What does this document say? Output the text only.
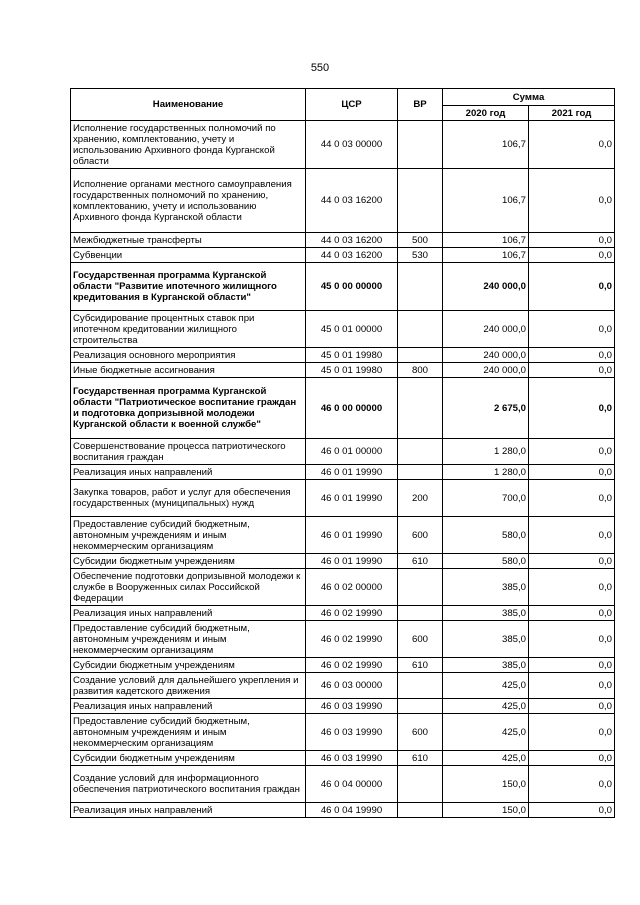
550
Наименование	ЦСР	ВР	Сумма	
			2020 год	2021 год
Исполнение государственных полномочий по хранению, комплектованию, учету и использованию Архивного фонда Курганской области	44 0 03 00000		106,7	0,0
Исполнение органами местного самоуправления государственных полномочий по хранению, комплектованию, учету и использованию Архивного фонда Курганской области	44 0 03 16200		106,7	0,0
Межбюджетные трансферты	44 0 03 16200	500	106,7	0,0
Субвенции	44 0 03 16200	530	106,7	0,0
Государственная программа Курганской области "Развитие ипотечного жилищного кредитования в Курганской области"	45 0 00 00000		240 000,0	0,0
Субсидирование процентных ставок при ипотечном кредитовании жилищного строительства	45 0 01 00000		240 000,0	0,0
Реализация основного мероприятия	45 0 01 19980		240 000,0	0,0
Иные бюджетные ассигнования	45 0 01 19980	800	240 000,0	0,0
Государственная программа Курганской области "Патриотическое воспитание граждан и подготовка допризывной молодежи Курганской области к военной службе"	46 0 00 00000		2 675,0	0,0
Совершенствование процесса патриотического воспитания граждан	46 0 01 00000		1 280,0	0,0
Реализация иных направлений	46 0 01 19990		1 280,0	0,0
Закупка товаров, работ и услуг для обеспечения государственных (муниципальных) нужд	46 0 01 19990	200	700,0	0,0
Предоставление субсидий бюджетным, автономным учреждениям и иным некоммерческим организациям	46 0 01 19990	600	580,0	0,0
Субсидии бюджетным учреждениям	46 0 01 19990	610	580,0	0,0
Обеспечение подготовки допризывной молодежи к службе в Вооруженных силах Российской Федерации	46 0 02 00000		385,0	0,0
Реализация иных направлений	46 0 02 19990		385,0	0,0
Предоставление субсидий бюджетным, автономным учреждениям и иным некоммерческим организациям	46 0 02 19990	600	385,0	0,0
Субсидии бюджетным учреждениям	46 0 02 19990	610	385,0	0,0
Создание условий для дальнейшего укрепления и развития кадетского движения	46 0 03 00000		425,0	0,0
Реализация иных направлений	46 0 03 19990		425,0	0,0
Предоставление субсидий бюджетным, автономным учреждениям и иным некоммерческим организациям	46 0 03 19990	600	425,0	0,0
Субсидии бюджетным учреждениям	46 0 03 19990	610	425,0	0,0
Создание условий для информационного обеспечения патриотического воспитания граждан	46 0 04 00000		150,0	0,0
Реализация иных направлений	46 0 04 19990		150,0	0,0
